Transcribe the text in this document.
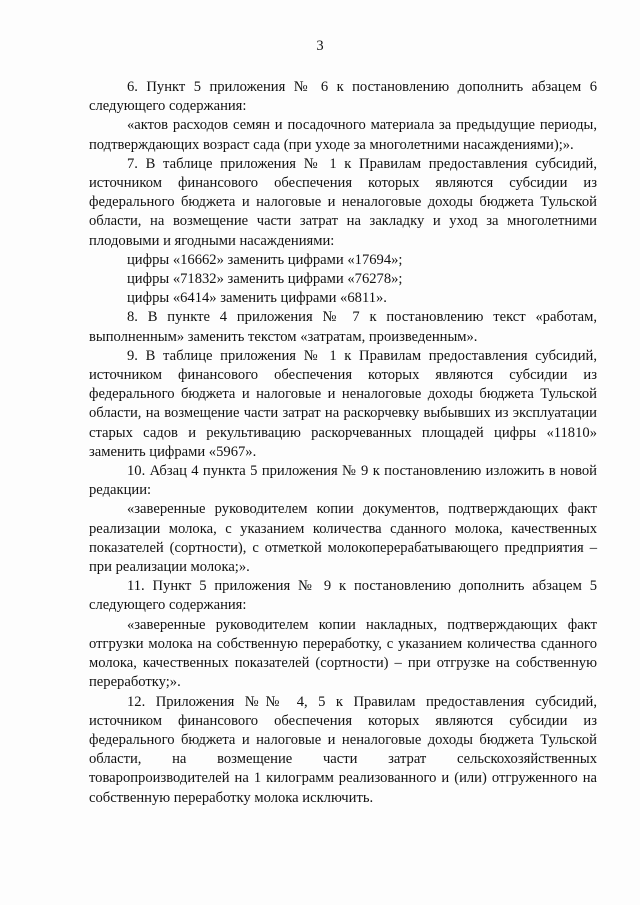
3

6. Пункт 5 приложения № 6 к постановлению дополнить абзацем 6 следующего содержания:

«актов расходов семян и посадочного материала за предыдущие периоды, подтверждающих возраст сада (при уходе за многолетними насаждениями);».

7. В таблице приложения № 1 к Правилам предоставления субсидий, источником финансового обеспечения которых являются субсидии из федерального бюджета и налоговые и неналоговые доходы бюджета Тульской области, на возмещение части затрат на закладку и уход за многолетними плодовыми и ягодными насаждениями:

цифры «16662» заменить цифрами «17694»;

цифры «71832» заменить цифрами «76278»;

цифры «6414» заменить цифрами «6811».

8. В пункте 4 приложения № 7 к постановлению текст «работам, выполненным» заменить текстом «затратам, произведенным».

9. В таблице приложения № 1 к Правилам предоставления субсидий, источником финансового обеспечения которых являются субсидии из федерального бюджета и налоговые и неналоговые доходы бюджета Тульской области, на возмещение части затрат на раскорчевку выбывших из эксплуатации старых садов и рекультивацию раскорчеванных площадей цифры «11810» заменить цифрами «5967».

10. Абзац 4 пункта 5 приложения № 9 к постановлению изложить в новой редакции:

«заверенные руководителем копии документов, подтверждающих факт реализации молока, с указанием количества сданного молока, качественных показателей (сортности), с отметкой молокоперерабатывающего предприятия – при реализации молока;».

11. Пункт 5 приложения № 9 к постановлению дополнить абзацем 5 следующего содержания:

«заверенные руководителем копии накладных, подтверждающих факт отгрузки молока на собственную переработку, с указанием количества сданного молока, качественных показателей (сортности) – при отгрузке на собственную переработку;».

12. Приложения №№ 4, 5 к Правилам предоставления субсидий, источником финансового обеспечения которых являются субсидии из федерального бюджета и налоговые и неналоговые доходы бюджета Тульской области, на возмещение части затрат сельскохозяйственных товаропроизводителей на 1 килограмм реализованного и (или) отгруженного на собственную переработку молока исключить.
